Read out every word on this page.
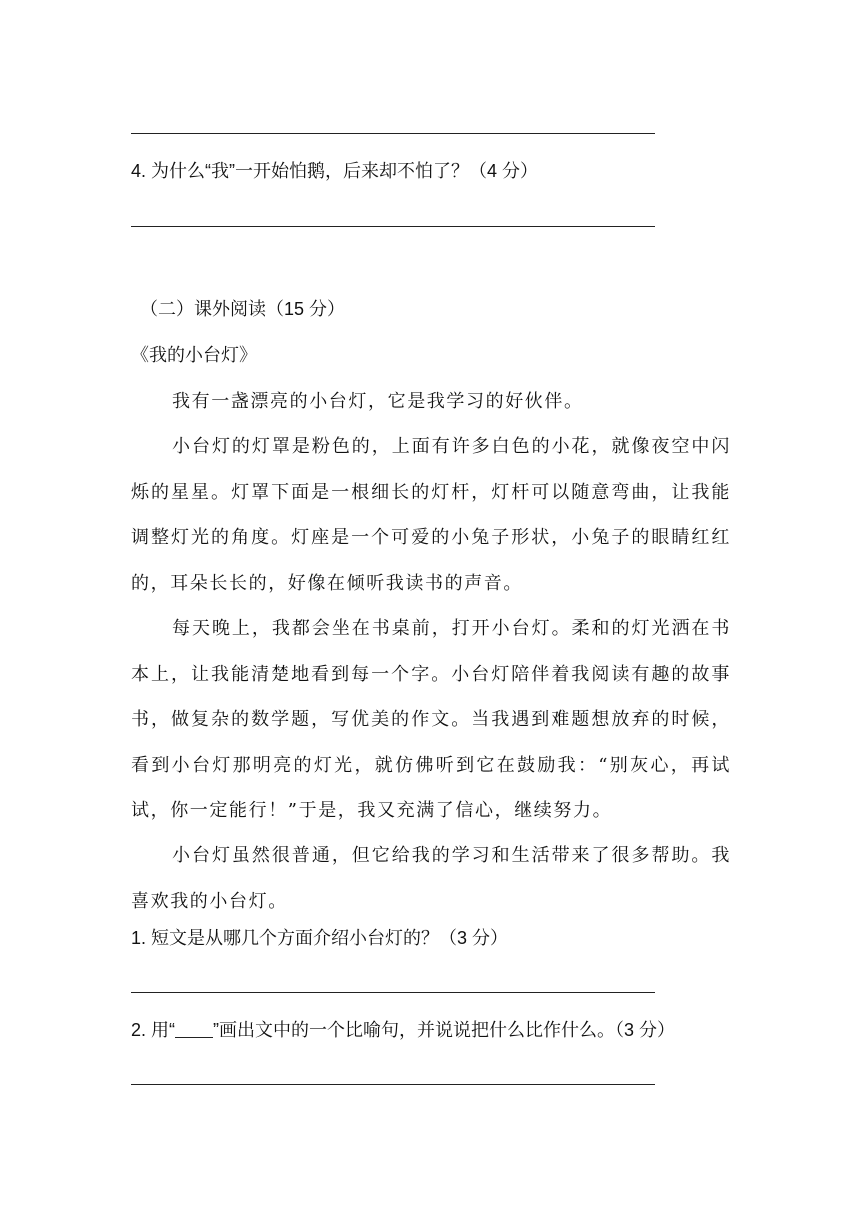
4. 为什么“我”一开始怕鹅，后来却不怕了？（4 分）
（二）课外阅读（15 分）
《我的小台灯》

我有一盏漂亮的小台灯，它是我学习的好伙伴。

小台灯的灯罩是粉色的，上面有许多白色的小花，就像夜空中闪烁的星星。灯罩下面是一根细长的灯杆，灯杆可以随意弯曲，让我能调整灯光的角度。灯座是一个可爱的小兔子形状，小兔子的眼睛红红的，耳朵长长的，好像在倾听我读书的声音。

每天晚上，我都会坐在书桌前，打开小台灯。柔和的灯光洒在书本上，让我能清楚地看到每一个字。小台灯陪伴着我阅读有趣的故事书，做复杂的数学题，写优美的作文。当我遇到难题想放弃的时候，看到小台灯那明亮的灯光，就仿佛听到它在鼓励我：“别灰心，再试试，你一定能行！”于是，我又充满了信心，继续努力。

小台灯虽然很普通，但它给我的学习和生活带来了很多帮助。我喜欢我的小台灯。

1. 短文是从哪几个方面介绍小台灯的？（3 分）
2. 用“ ”画出文中的一个比喻句，并说说把什么比作什么。（3 分）
